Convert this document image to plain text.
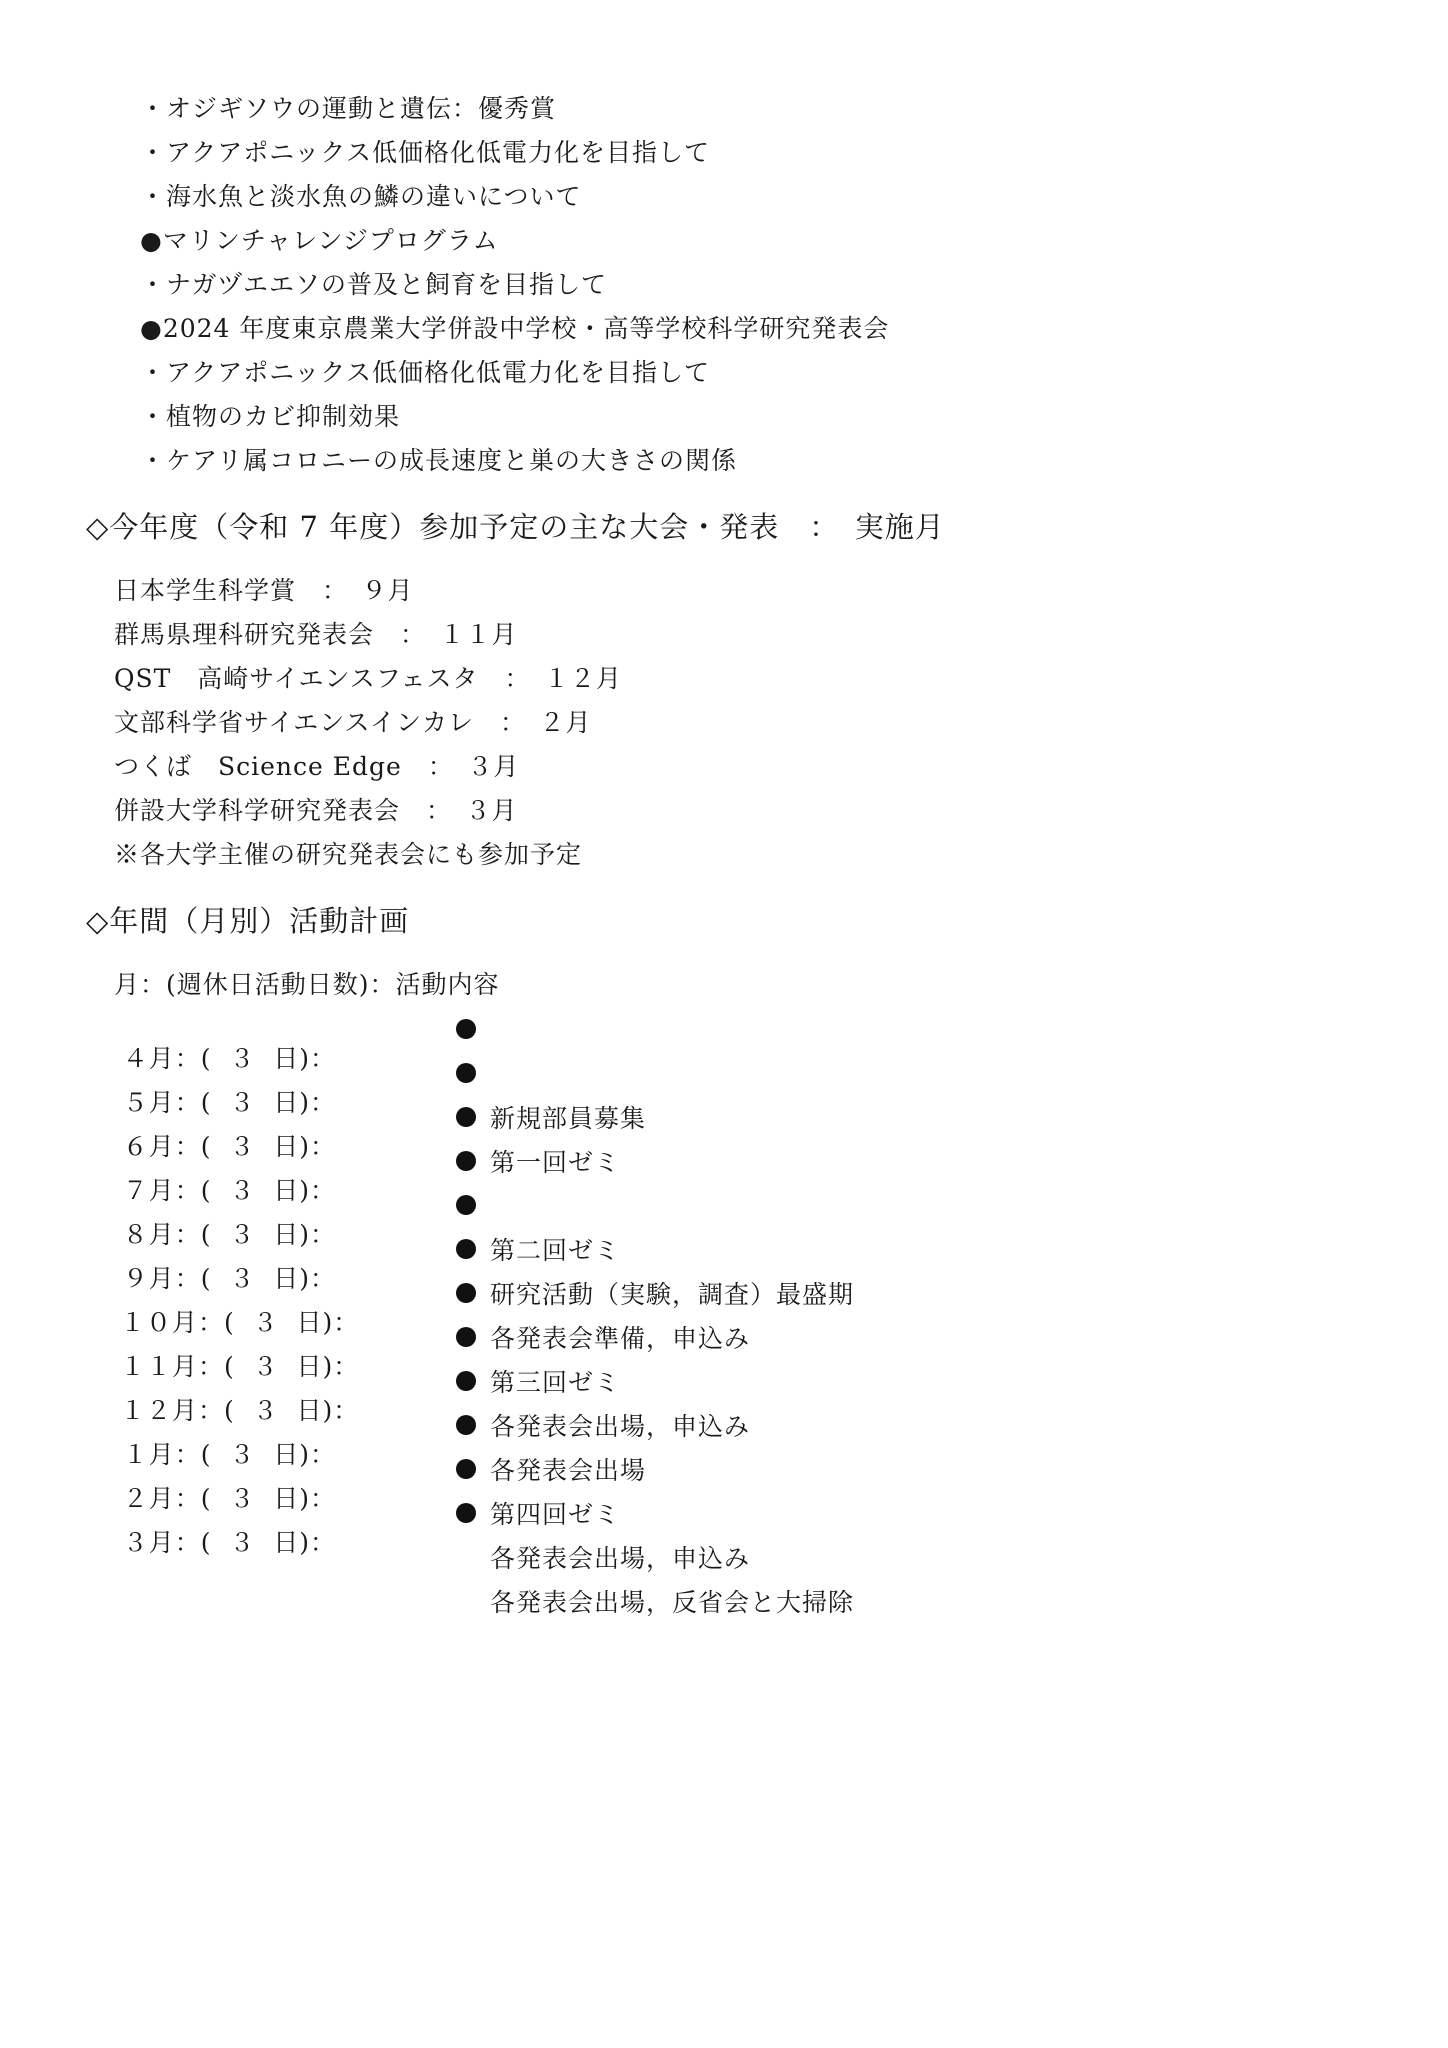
・オジギソウの運動と遺伝：優秀賞
・アクアポニックス低価格化低電力化を目指して
・海水魚と淡水魚の鱗の違いについて
●マリンチャレンジプログラム
・ナガヅエエソの普及と飼育を目指して
●2024 年度東京農業大学併設中学校・高等学校科学研究発表会
・アクアポニックス低価格化低電力化を目指して
・植物のカビ抑制効果
・ケアリ属コロニーの成長速度と巣の大きさの関係
◇今年度（令和 7 年度）参加予定の主な大会・発表　：　実施月
日本学生科学賞　：　９月
群馬県理科研究発表会　：　１１月
QST　高崎サイエンスフェスタ　：　１２月
文部科学省サイエンスインカレ　：　２月
つくば　Science Edge　：　３月
併設大学科学研究発表会　：　３月
※各大学主催の研究発表会にも参加予定
◇年間（月別）活動計画
月：(週休日活動日数)：活動内容

４月：(  ３  日)：

新規部員募集

５月：(  ３  日)：

第一回ゼミ

６月：(  ３  日)：

７月：(  ３  日)：

第二回ゼミ

８月：(  ３  日)：

研究活動（実験，調査）最盛期

９月：(  ３  日)：

各発表会準備，申込み

１０月：(  ３  日)：

第三回ゼミ

１１月：(  ３  日)：

各発表会出場，申込み

１２月：(  ３  日)：

各発表会出場

１月：(  ３  日)：

第四回ゼミ

２月：(  ３  日)：

各発表会出場，申込み

３月：(  ３  日)：

各発表会出場，反省会と大掃除
